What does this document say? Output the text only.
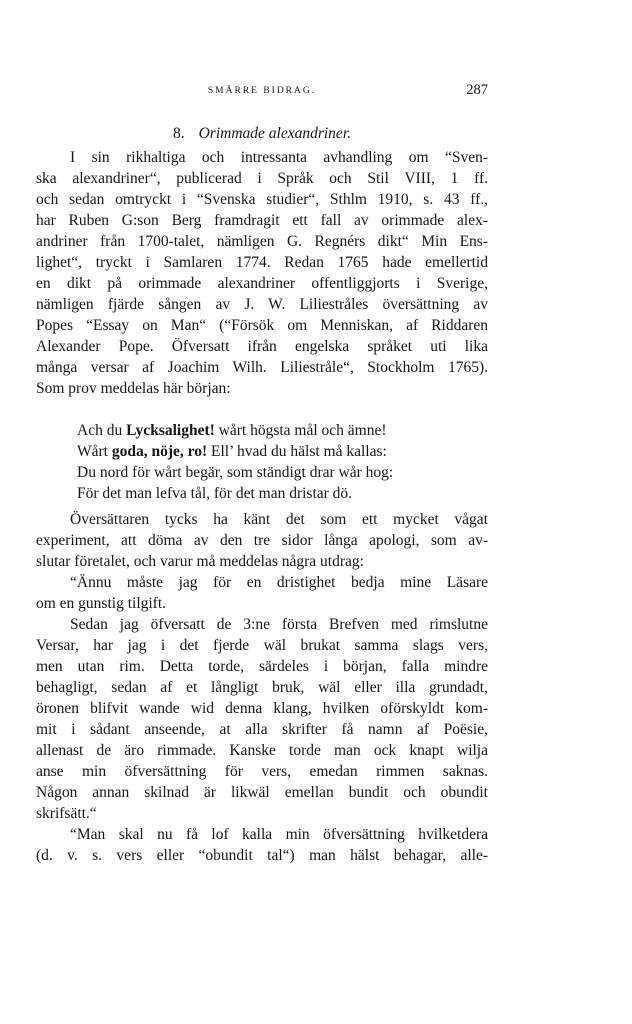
SMÄRRE BIDRAG.	287
8. Orimmade alexandriner.
I sin rikhaltiga och intressanta avhandling om “Sven-
ska alexandriner“, publicerad i Språk och Stil VIII, 1 ff.
och sedan omtryckt i “Svenska studier“, Sthlm 1910, s. 43 ff.,
har Ruben G:son Berg framdragit ett fall av orimmade alex-
andriner från 1700-talet, nämligen G. Regnérs dikt“ Min Ens-
lighet“, tryckt i Samlaren 1774. Redan 1765 hade emellertid
en dikt på orimmade alexandriner offentliggjorts i Sverige,
nämligen fjärde sången av J. W. Liliestråles översättning av
Popes “Essay on Man“ (“Försök om Menniskan, af Riddaren
Alexander Pope. Öfversatt ifrån engelska språket uti lika
många versar af Joachim Wilh. Liliestråle“, Stockholm 1765).
Som prov meddelas här början:
Ach du Lycksalighet! wårt högsta mål och ämne!
Wårt goda, nöje, ro! Ell’ hvad du hälst må kallas:
Du nord för wårt begär, som ständigt drar wår hog:
För det man lefva tål, för det man dristar dö.
Översättaren tycks ha känt det som ett mycket vågat
experiment, att döma av den tre sidor långa apologi, som av-
slutar företalet, och varur må meddelas några utdrag:
“Ännu måste jag för en dristighet bedja mine Läsare
om en gunstig tilgift.
Sedan jag öfversatt de 3:ne första Brefven med rimslutne
Versar, har jag i det fjerde wäl brukat samma slags vers,
men utan rim. Detta torde, särdeles i början, falla mindre
behagligt, sedan af et långligt bruk, wäl eller illa grundadt,
öronen blifvit wande wid denna klang, hvilken oförskyldt kom-
mit i sådant anseende, at alla skrifter få namn af Poësie,
allenast de äro rimmade. Kanske torde man ock knapt wilja
anse min öfversättning för vers, emedan rimmen saknas.
Någon annan skilnad är likwäl emellan bundit och obundit
skrifsätt.“
“Man skal nu få lof kalla min öfversättning hvilketdera
(d. v. s. vers eller “obundit tal“) man hälst behagar, alle-
